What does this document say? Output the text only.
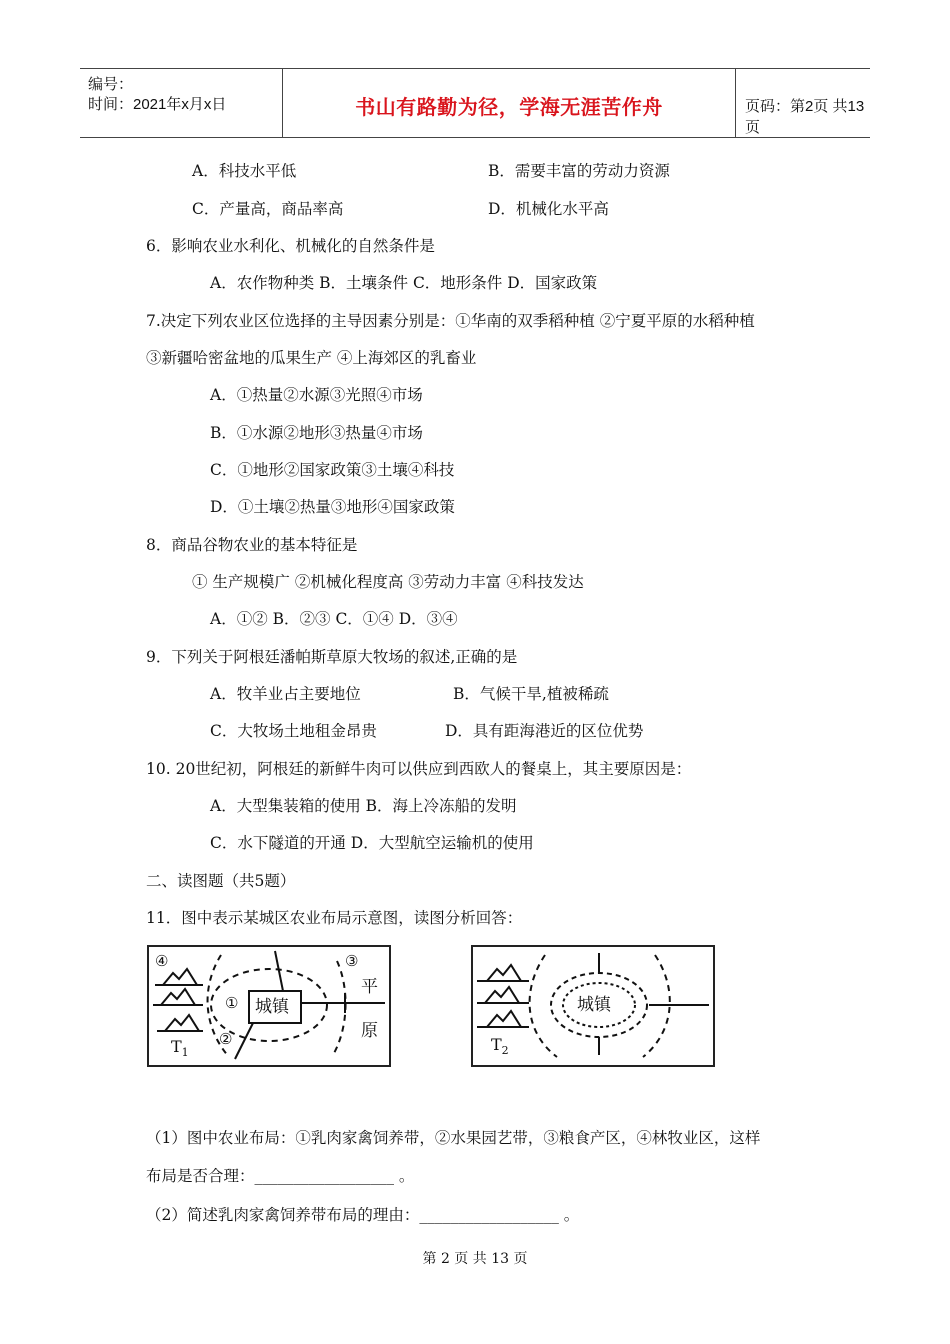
编号：
时间：2021年x月x日	书山有路勤为径，学海无涯苦作舟	页码：第2页 共13页
A．科技水平低	B．需要丰富的劳动力资源
C．产量高，商品率高	D．机械化水平高
6．影响农业水利化、机械化的自然条件是
A．农作物种类 B．土壤条件 C．地形条件 D．国家政策
7.决定下列农业区位选择的主导因素分别是：①华南的双季稻种植 ②宁夏平原的水稻种植
③新疆哈密盆地的瓜果生产 ④上海郊区的乳畜业
A．①热量②水源③光照④市场
B．①水源②地形③热量④市场
C．①地形②国家政策③土壤④科技
D．①土壤②热量③地形④国家政策
8．商品谷物农业的基本特征是
① 生产规模广 ②机械化程度高 ③劳动力丰富 ④科技发达
A．①② B．②③ C．①④ D．③④
9．下列关于阿根廷潘帕斯草原大牧场的叙述,正确的是
A．牧羊业占主要地位	B．气候干旱,植被稀疏
C．大牧场土地租金昂贵	D．具有距海港近的区位优势
10. 20世纪初，阿根廷的新鲜牛肉可以供应到西欧人的餐桌上，其主要原因是：
A．大型集装箱的使用 B．海上冷冻船的发明
C．水下隧道的开通 D．大型航空运输机的使用
二、读图题（共5题）
11．图中表示某城区农业布局示意图，读图分析回答：
④	③
①
②
城镇
平
原
$T_1$
城镇
$T_2$
（1）图中农业布局：①乳肉家禽饲养带，②水果园艺带，③粮食产区，④林牧业区，这样
布局是否合理：__________________ 。
（2）简述乳肉家禽饲养带布局的理由：__________________ 。
第 2 页 共 13 页
